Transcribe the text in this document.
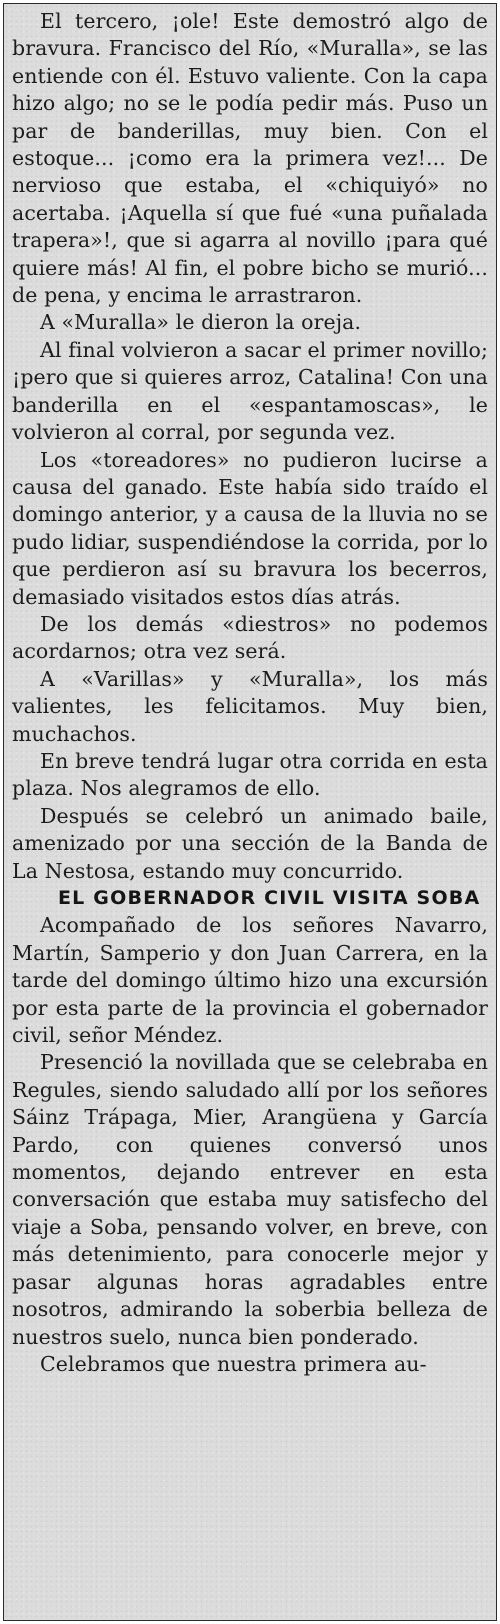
El tercero, ¡ole! Este demostró algo de bravura. Francisco del Río, «Muralla», se las entiende con él. Estuvo valiente. Con la capa hizo algo; no se le podía pedir más. Puso un par de banderillas, muy bien. Con el estoque... ¡como era la primera vez!... De nervioso que estaba, el «chiquiyó» no acertaba. ¡Aquella sí que fué «una puñalada trapera»!, que si agarra al novillo ¡para qué quiere más! Al fin, el pobre bicho se murió... de pena, y encima le arrastraron.

A «Muralla» le dieron la oreja.

Al final volvieron a sacar el primer novillo; ¡pero que si quieres arroz, Catalina! Con una banderilla en el «espantamoscas», le volvieron al corral, por segunda vez.

Los «toreadores» no pudieron lucirse a causa del ganado. Este había sido traído el domingo anterior, y a causa de la lluvia no se pudo lidiar, suspendiéndose la corrida, por lo que perdieron así su bravura los becerros, demasiado visitados estos días atrás.

De los demás «diestros» no podemos acordarnos; otra vez será.

A «Varillas» y «Muralla», los más valientes, les felicitamos. Muy bien, muchachos.

En breve tendrá lugar otra corrida en esta plaza. Nos alegramos de ello.

Después se celebró un animado baile, amenizado por una sección de la Banda de La Nestosa, estando muy concurrido.

EL GOBERNADOR CIVIL VISITA SOBA

Acompañado de los señores Navarro, Martín, Samperio y don Juan Carrera, en la tarde del domingo último hizo una excursión por esta parte de la provincia el gobernador civil, señor Méndez.

Presenció la novillada que se celebraba en Regules, siendo saludado allí por los señores Sáinz Trápaga, Mier, Arangüena y García Pardo, con quienes conversó unos momentos, dejando entrever en esta conversación que estaba muy satisfecho del viaje a Soba, pensando volver, en breve, con más detenimiento, para conocerle mejor y pasar algunas horas agradables entre nosotros, admirando la soberbia belleza de nuestros suelo, nunca bien ponderado.

Celebramos que nuestra primera au-
